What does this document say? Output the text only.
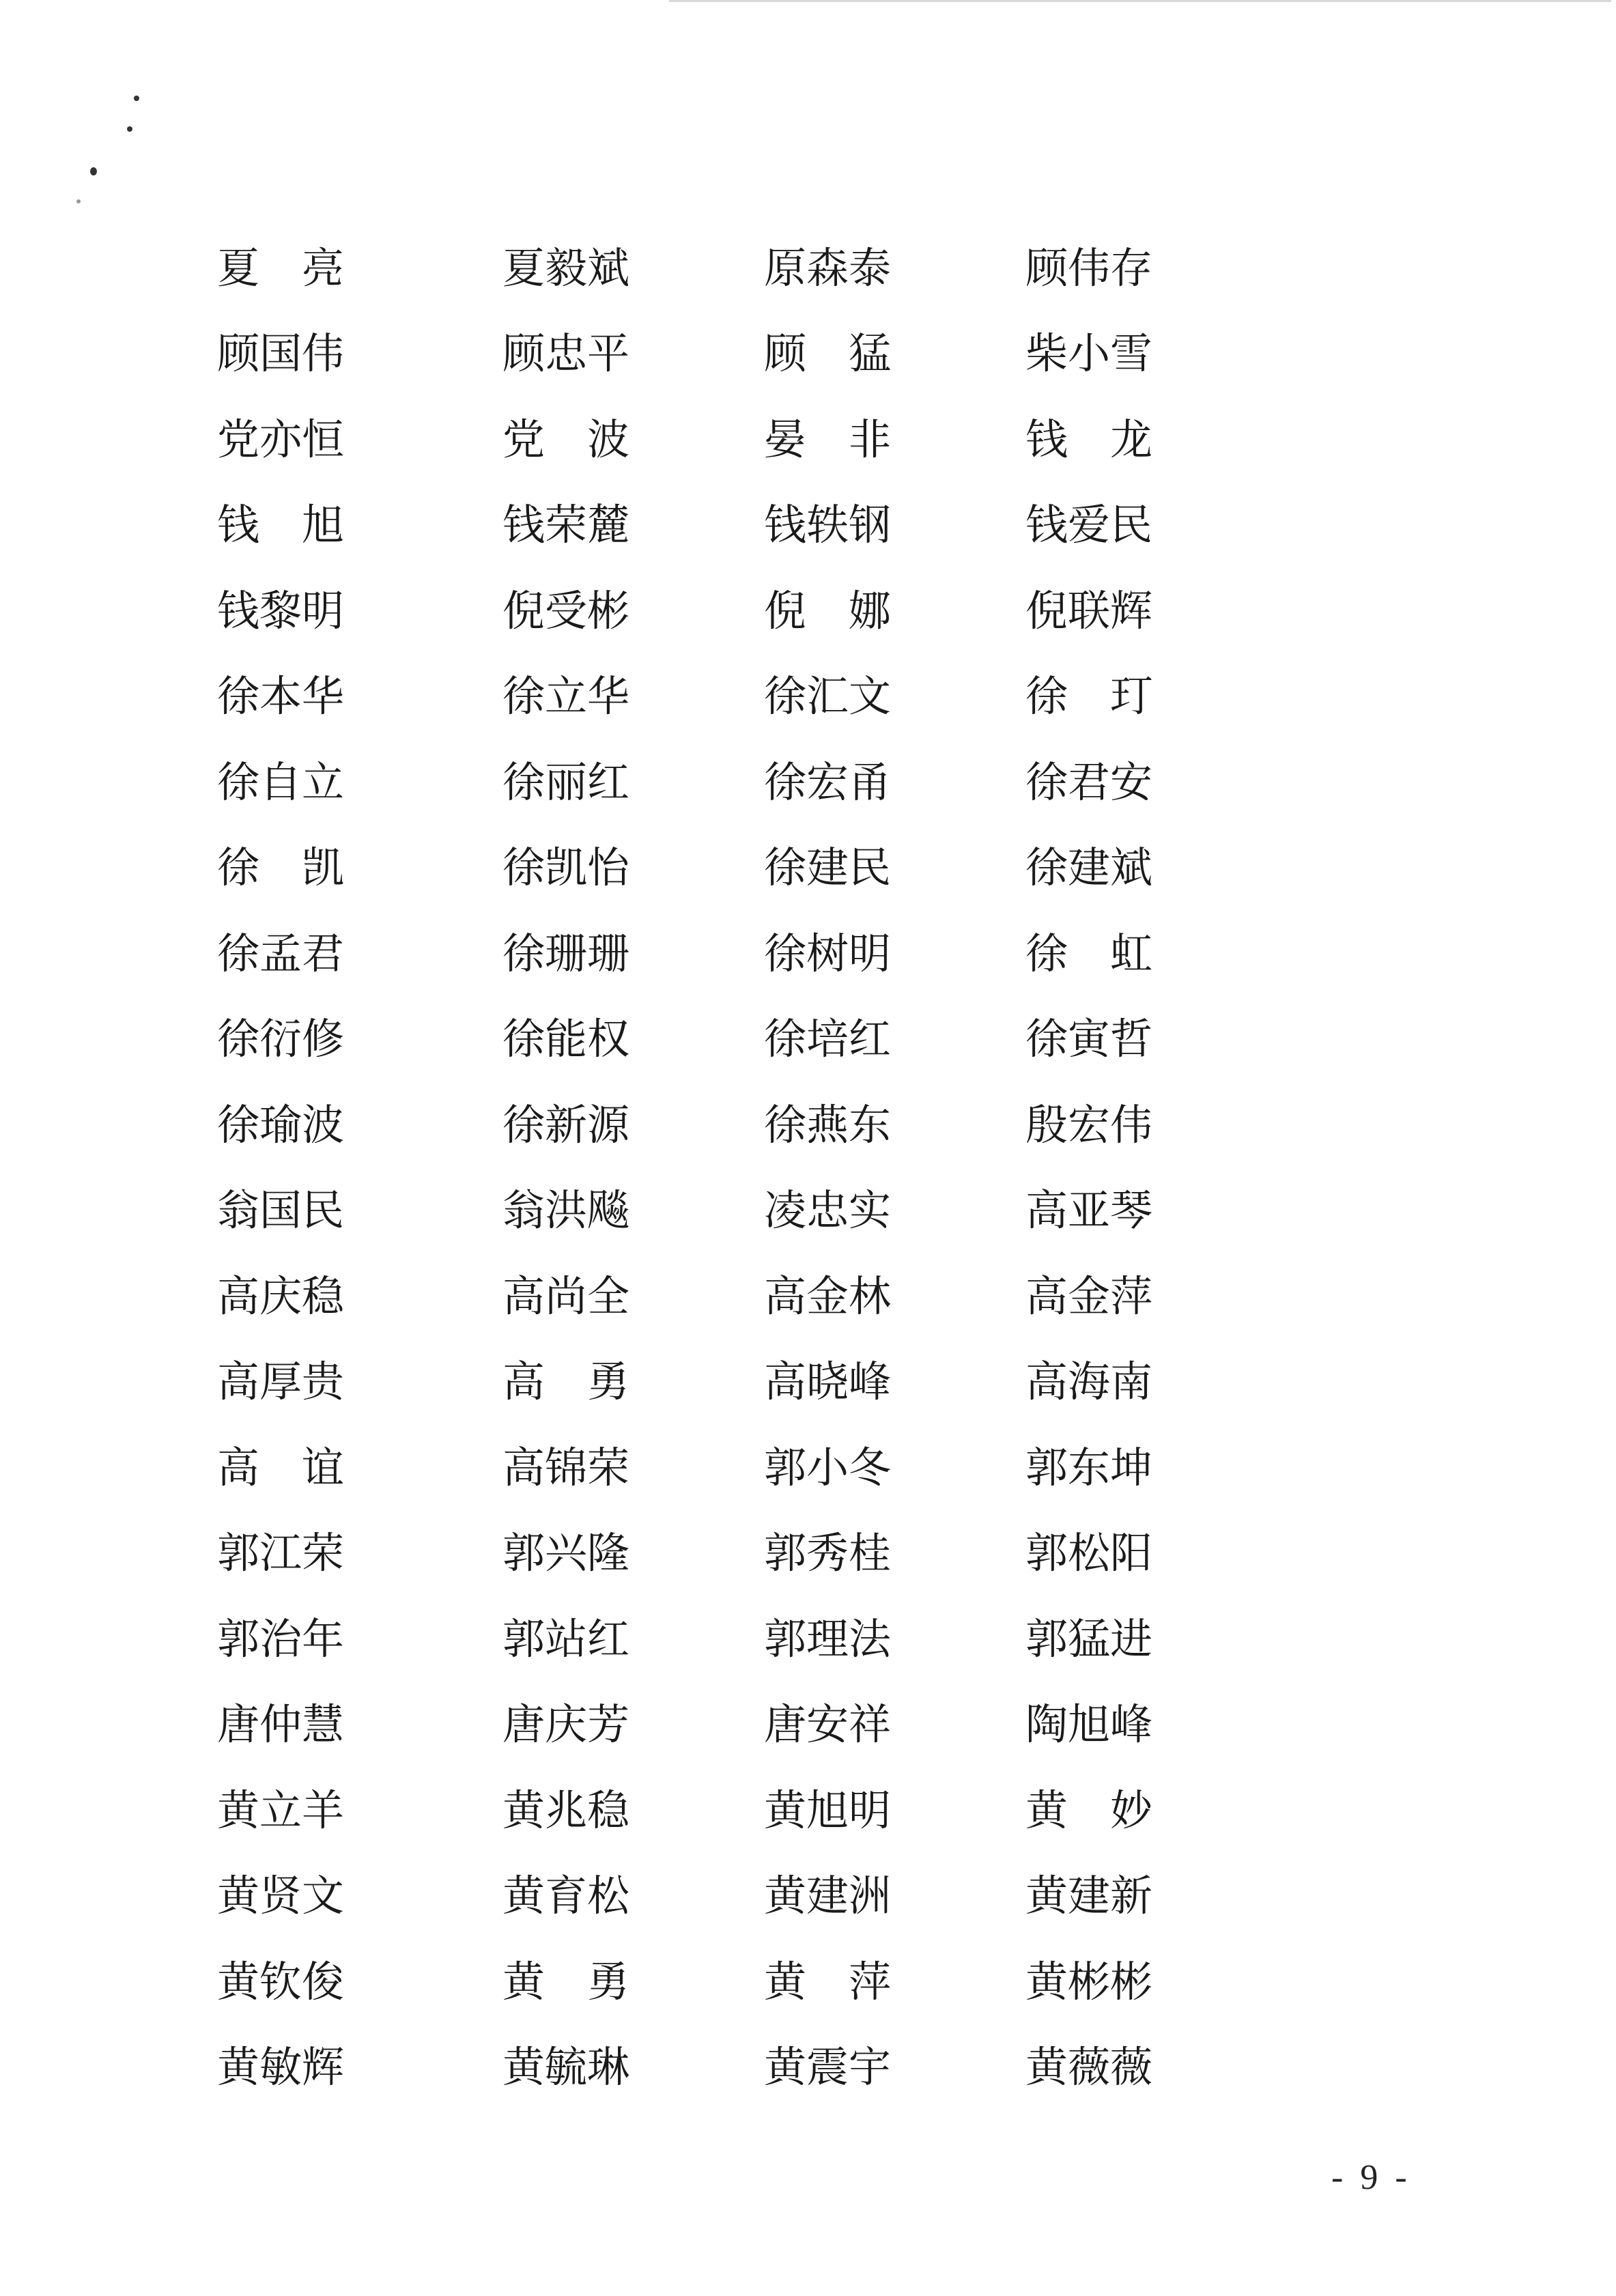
夏 亮	夏 毅 斌	原 森 泰	顾 伟 存
顾 国 伟	顾 忠 平	顾 猛	柴 小 雪
党 亦 恒	党 波	晏 非	钱 龙
钱 旭	钱 荣 麓	钱 轶 钢	钱 爱 民
钱 黎 明	倪 受 彬	倪 娜	倪 联 辉
徐 本 华	徐 立 华	徐 汇 文	徐 玎
徐 自 立	徐 丽 红	徐 宏 甬	徐 君 安
徐 凯	徐 凯 怡	徐 建 民	徐 建 斌
徐 孟 君	徐 珊 珊	徐 树 明	徐 虹
徐 衍 修	徐 能 权	徐 培 红	徐 寅 哲
徐 瑜 波	徐 新 源	徐 燕 东	殷 宏 伟
翁 国 民	翁 洪 飚	凌 忠 实	高 亚 琴
高 庆 稳	高 尚 全	高 金 林	高 金 萍
高 厚 贵	高 勇	高 晓 峰	高 海 南
高 谊	高 锦 荣	郭 小 冬	郭 东 坤
郭 江 荣	郭 兴 隆	郭 秀 桂	郭 松 阳
郭 治 年	郭 站 红	郭 理 法	郭 猛 进
唐 仲 慧	唐 庆 芳	唐 安 祥	陶 旭 峰
黄 立 羊	黄 兆 稳	黄 旭 明	黄 妙
黄 贤 文	黄 育 松	黄 建 洲	黄 建 新
黄 钦 俊	黄 勇	黄 萍	黄 彬 彬
黄 敏 辉	黄 毓 琳	黄 震 宇	黄 薇 薇
- 9 -
